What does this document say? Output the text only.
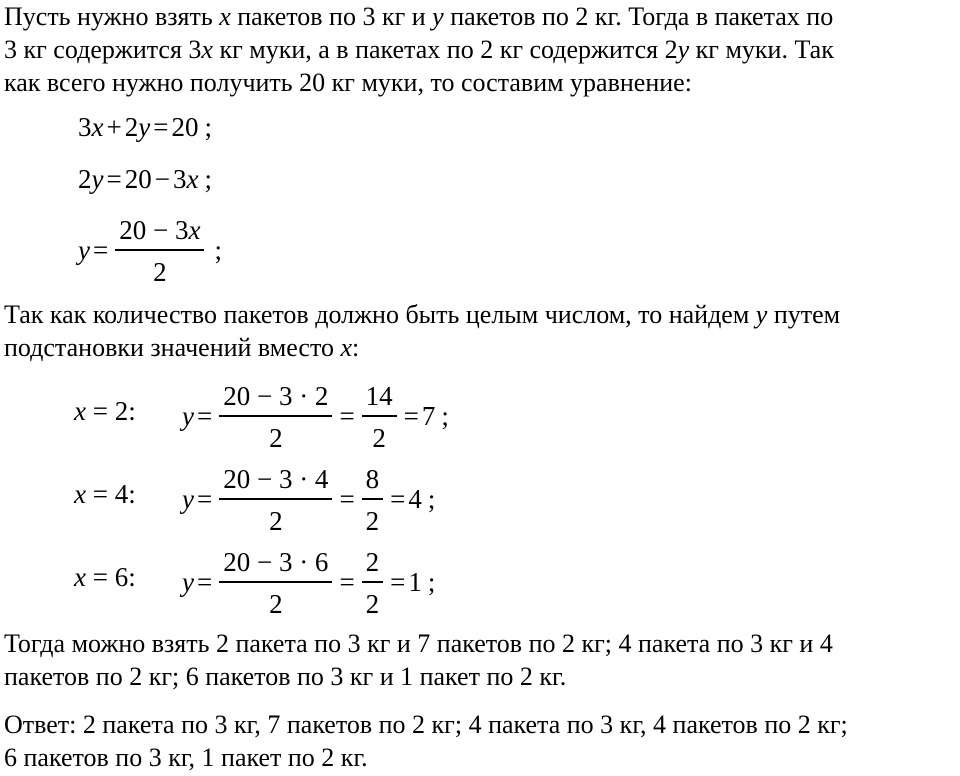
Пусть нужно взять x пакетов по 3 кг и y пакетов по 2 кг. Тогда в пакетах по
3 кг содержится 3x кг муки, а в пакетах по 2 кг содержится 2y кг муки. Так
как всего нужно получить 20 кг муки, то составим уравнение:
3 x + 2 y = 20 ;
2 y = 20 − 3 x ;
$y = \frac{20 - 3x}{2}$ ;
Так как количество пакетов должно быть целым числом, то найдем y путем
подстановки значений вместо x:
x = 2: $y = \frac{20 - 3 \cdot 2}{2} = \frac{14}{2} = 7$ ;
x = 4: $y = \frac{20 - 3 \cdot 4}{2} = \frac{8}{2} = 4$ ;
x = 6: $y = \frac{20 - 3 \cdot 6}{2} = \frac{2}{2} = 1$ ;
Тогда можно взять 2 пакета по 3 кг и 7 пакетов по 2 кг; 4 пакета по 3 кг и 4
пакетов по 2 кг; 6 пакетов по 3 кг и 1 пакет по 2 кг.
Ответ: 2 пакета по 3 кг, 7 пакетов по 2 кг; 4 пакета по 3 кг, 4 пакетов по 2 кг;
6 пакетов по 3 кг, 1 пакет по 2 кг.
